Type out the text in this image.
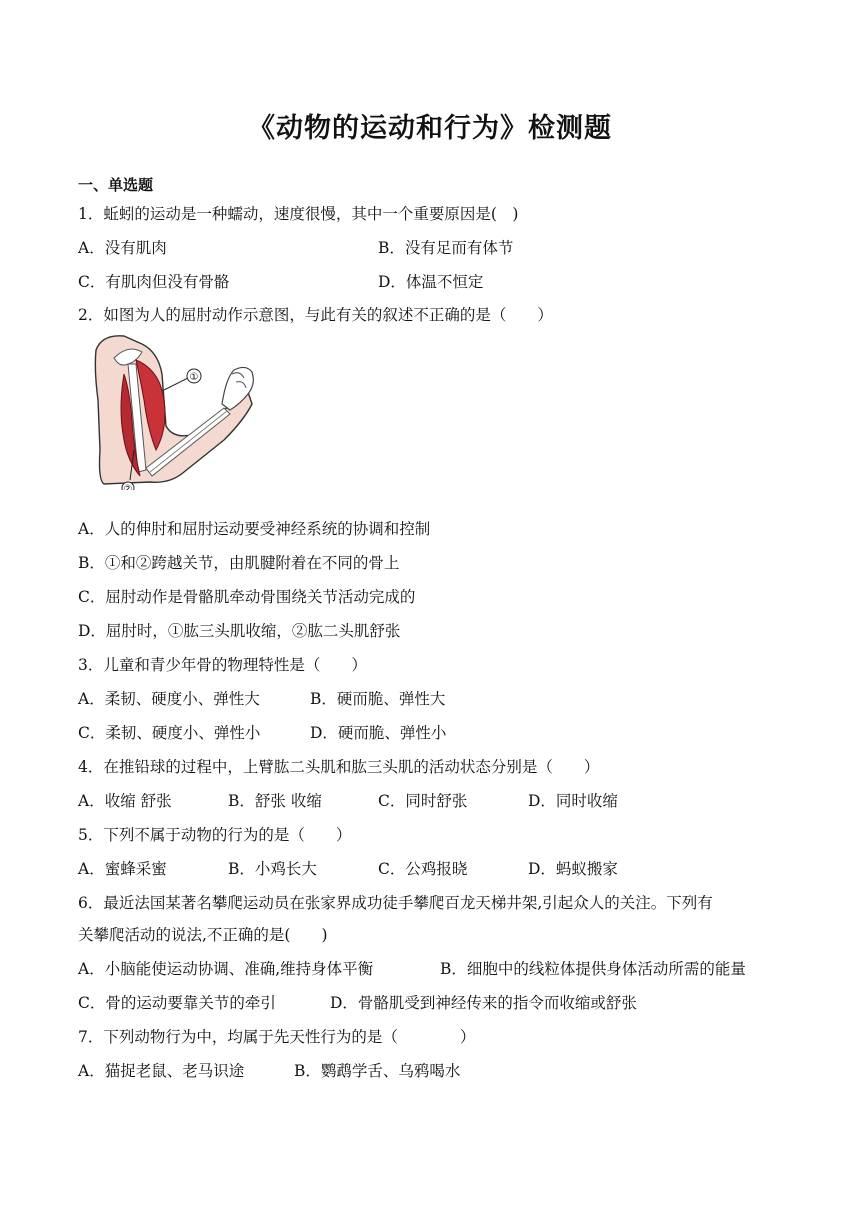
《动物的运动和行为》检测题
一、单选题
1．蚯蚓的运动是一种蠕动，速度很慢，其中一个重要原因是(　)
A．没有肌肉	B．没有足而有体节
C．有肌肉但没有骨骼	D．体温不恒定
2．如图为人的屈肘动作示意图，与此有关的叙述不正确的是（　　）
①
②
A．人的伸肘和屈肘运动要受神经系统的协调和控制
B．①和②跨越关节，由肌腱附着在不同的骨上
C．屈肘动作是骨骼肌牵动骨围绕关节活动完成的
D．屈肘时，①肱三头肌收缩，②肱二头肌舒张
3．儿童和青少年骨的物理特性是（　　）
A．柔韧、硬度小、弹性大	B．硬而脆、弹性大
C．柔韧、硬度小、弹性小	D．硬而脆、弹性小
4．在推铅球的过程中，上臂肱二头肌和肱三头肌的活动状态分别是（　　）
A．收缩 舒张	B．舒张 收缩	C．同时舒张	D．同时收缩
5．下列不属于动物的行为的是（　　）
A．蜜蜂采蜜	B．小鸡长大	C．公鸡报晓	D．蚂蚁搬家
6．最近法国某著名攀爬运动员在张家界成功徒手攀爬百龙天梯井架,引起众人的关注。下列有
关攀爬活动的说法,不正确的是(　　)
A．小脑能使运动协调、准确,维持身体平衡	B．细胞中的线粒体提供身体活动所需的能量
C．骨的运动要靠关节的牵引	D．骨骼肌受到神经传来的指令而收缩或舒张
7．下列动物行为中，均属于先天性行为的是（　　　　）
A．猫捉老鼠、老马识途	B．鹦鹉学舌、乌鸦喝水
